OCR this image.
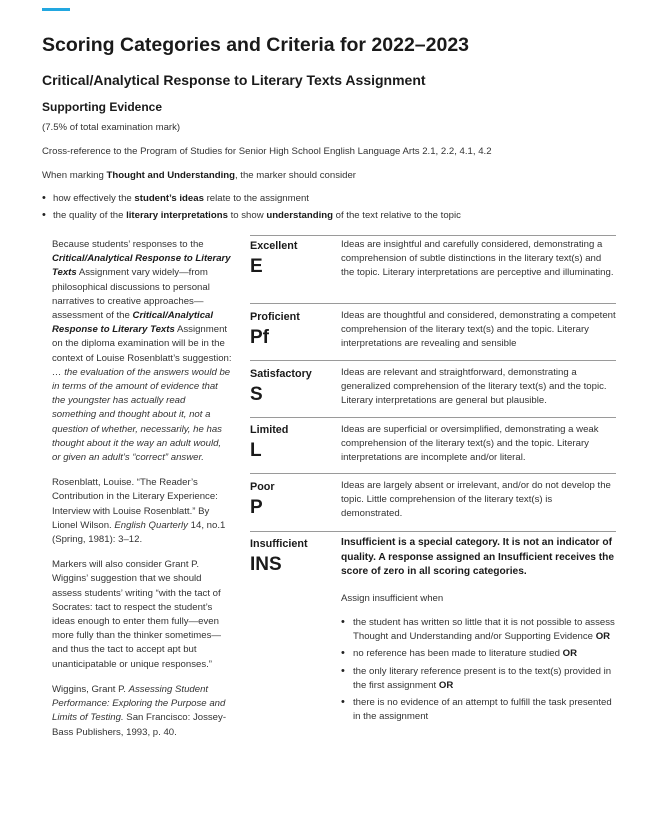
Scoring Categories and Criteria for 2022–2023
Critical/Analytical Response to Literary Texts Assignment
Supporting Evidence
(7.5% of total examination mark)
Cross-reference to the Program of Studies for Senior High School English Language Arts 2.1, 2.2, 4.1, 4.2
When marking Thought and Understanding, the marker should consider
• how effectively the student’s ideas relate to the assignment
• the quality of the literary interpretations to show understanding of the text relative to the topic

Because students’ responses to the Critical/Analytical Response to Literary Texts Assignment vary widely—from philosophical discussions to personal narratives to creative approaches—assessment of the Critical/Analytical Response to Literary Texts Assignment on the diploma examination will be in the context of Louise Rosenblatt’s suggestion:
… the evaluation of the answers would be in terms of the amount of evidence that the youngster has actually read something and thought about it, not a question of whether, necessarily, he has thought about it the way an adult would, or given an adult’s “correct” answer.

Rosenblatt, Louise. “The Reader’s Contribution in the Literary Experience: Interview with Louise Rosenblatt.” By Lionel Wilson. English Quarterly 14, no.1 (Spring, 1981): 3–12.

Markers will also consider Grant P. Wiggins’ suggestion that we should assess students’ writing “with the tact of Socrates: tact to respect the student’s ideas enough to enter them fully—even more fully than the thinker sometimes—and thus the tact to accept apt but unanticipatable or unique responses.”

Wiggins, Grant P. Assessing Student Performance: Exploring the Purpose and Limits of Testing. San Francisco: Jossey-Bass Publishers, 1993, p. 40.

Excellent
E
Ideas are insightful and carefully considered, demonstrating a comprehension of subtle distinctions in the literary text(s) and the topic. Literary interpretations are perceptive and illuminating.
Proficient
Pf
Ideas are thoughtful and considered, demonstrating a competent comprehension of the literary text(s) and the topic. Literary interpretations are revealing and sensible
Satisfactory
S
Ideas are relevant and straightforward, demonstrating a generalized comprehension of the literary text(s) and the topic. Literary interpretations are general but plausible.
Limited
L
Ideas are superficial or oversimplified, demonstrating a weak comprehension of the literary text(s) and the topic. Literary interpretations are incomplete and/or literal.
Poor
P
Ideas are largely absent or irrelevant, and/or do not develop the topic. Little comprehension of the literary text(s) is demonstrated.
Insufficient
INS
Insufficient is a special category. It is not an indicator of quality. A response assigned an Insufficient receives the score of zero in all scoring categories.
Assign insufficient when
• the student has written so little that it is not possible to assess Thought and Understanding and/or Supporting Evidence OR
• no reference has been made to literature studied OR
• the only literary reference present is to the text(s) provided in the first assignment OR
• there is no evidence of an attempt to fulfill the task presented in the assignment
